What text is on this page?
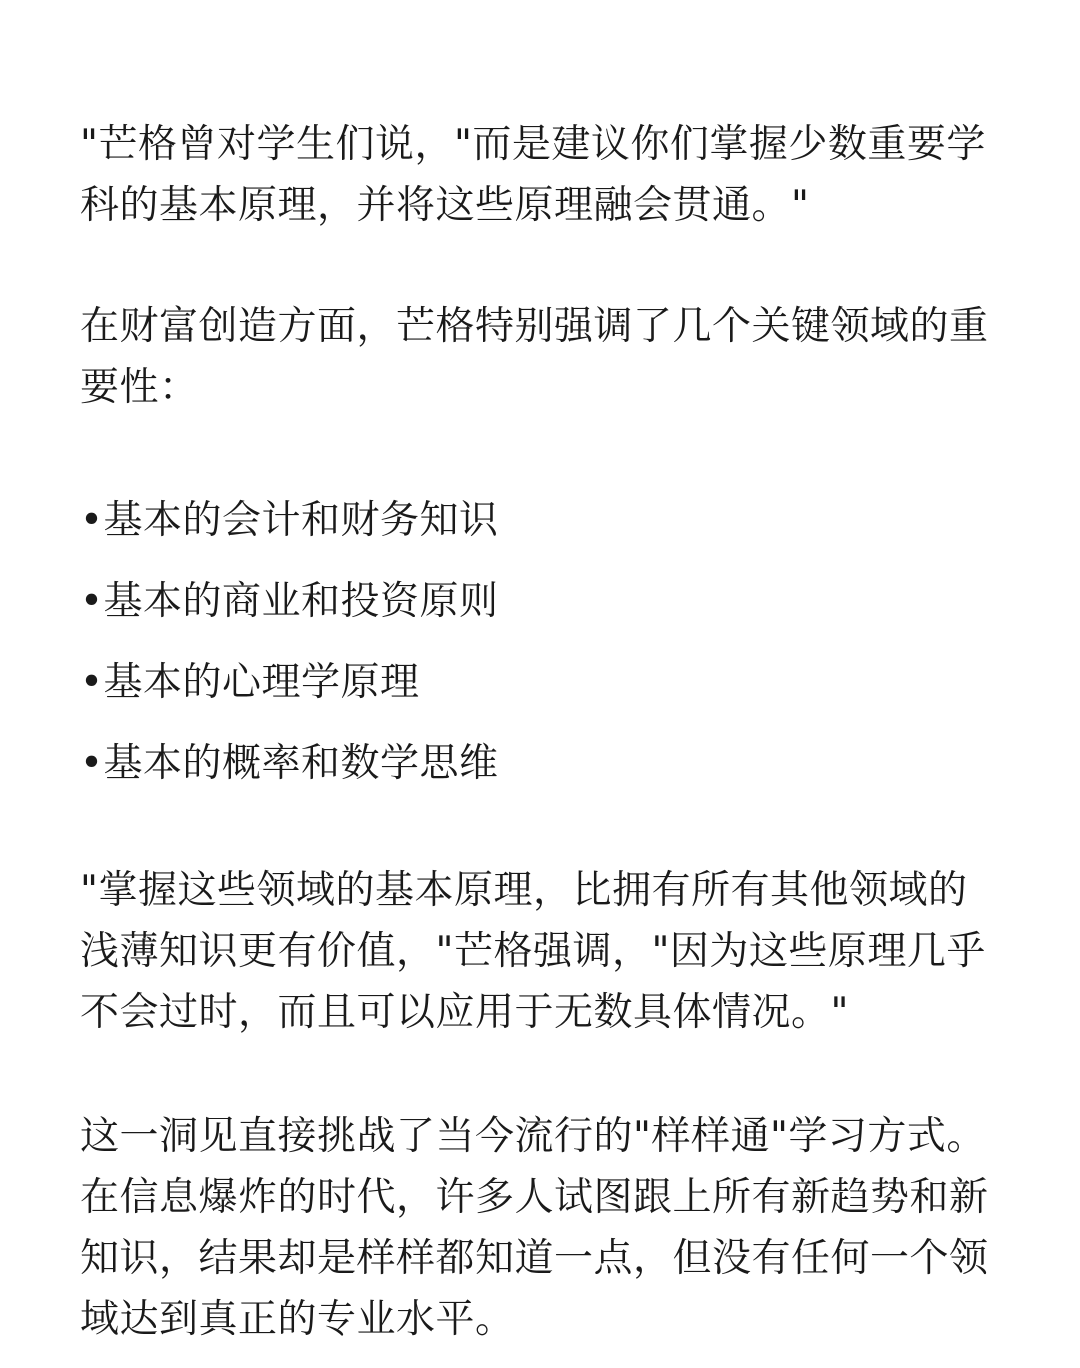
"芒格曾对学生们说，"而是建议你们掌握少数重要学
科的基本原理，并将这些原理融会贯通。"

在财富创造方面，芒格特别强调了几个关键领域的重
要性：

•基本的会计和财务知识
•基本的商业和投资原则
•基本的心理学原理
•基本的概率和数学思维

"掌握这些领域的基本原理，比拥有所有其他领域的
浅薄知识更有价值，"芒格强调，"因为这些原理几乎
不会过时，而且可以应用于无数具体情况。"

这一洞见直接挑战了当今流行的"样样通"学习方式。
在信息爆炸的时代，许多人试图跟上所有新趋势和新
知识，结果却是样样都知道一点，但没有任何一个领
域达到真正的专业水平。
